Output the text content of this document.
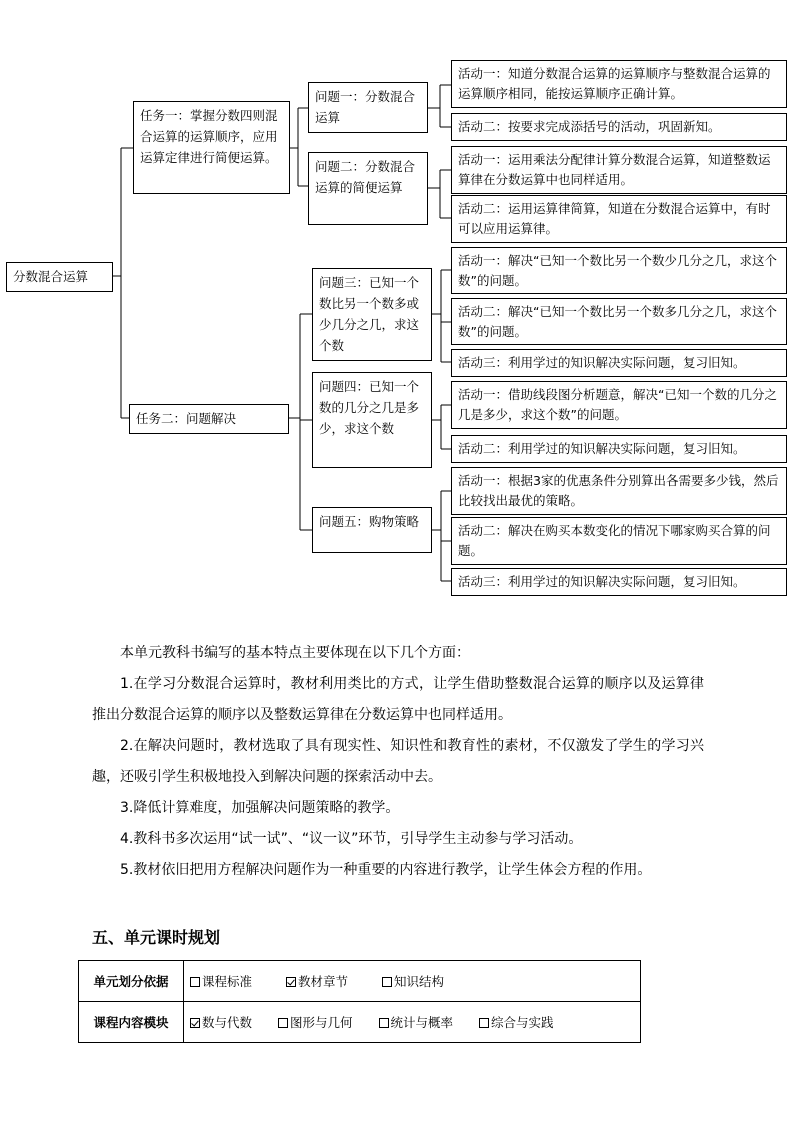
分数混合运算
任务一：掌握分数四则混合运算的运算顺序，应用运算定律进行简便运算。
任务二：问题解决
问题一：分数混合运算
问题二：分数混合运算的简便运算
问题三：已知一个数比另一个数多或少几分之几，求这个数
问题四：已知一个数的几分之几是多少，求这个数
问题五：购物策略
活动一：知道分数混合运算的运算顺序与整数混合运算的运算顺序相同，能按运算顺序正确计算。
活动二：按要求完成添括号的活动，巩固新知。
活动一：运用乘法分配律计算分数混合运算，知道整数运算律在分数运算中也同样适用。
活动二：运用运算律简算，知道在分数混合运算中，有时可以应用运算律。
活动一：解决“已知一个数比另一个数少几分之几，求这个数”的问题。
活动二：解决“已知一个数比另一个数多几分之几，求这个数”的问题。
活动三：利用学过的知识解决实际问题，复习旧知。
活动一：借助线段图分析题意，解决“已知一个数的几分之几是多少，求这个数”的问题。
活动二：利用学过的知识解决实际问题，复习旧知。
活动一：根据3家的优惠条件分别算出各需要多少钱，然后比较找出最优的策略。
活动二：解决在购买本数变化的情况下哪家购买合算的问题。
活动三：利用学过的知识解决实际问题，复习旧知。

本单元教科书编写的基本特点主要体现在以下几个方面：

1.在学习分数混合运算时，教材利用类比的方式，让学生借助整数混合运算的顺序以及运算律推出分数混合运算的顺序以及整数运算律在分数运算中也同样适用。

2.在解决问题时，教材选取了具有现实性、知识性和教育性的素材，不仅激发了学生的学习兴趣，还吸引学生积极地投入到解决问题的探索活动中去。

3.降低计算难度，加强解决问题策略的教学。

4.教科书多次运用“试一试”、“议一议”环节，引导学生主动参与学习活动。

5.教材依旧把用方程解决问题作为一种重要的内容进行教学，让学生体会方程的作用。

五、单元课时规划
单元划分依据	课程标准 教材章节 知识结构
课程内容模块	数与代数 图形与几何 统计与概率 综合与实践
